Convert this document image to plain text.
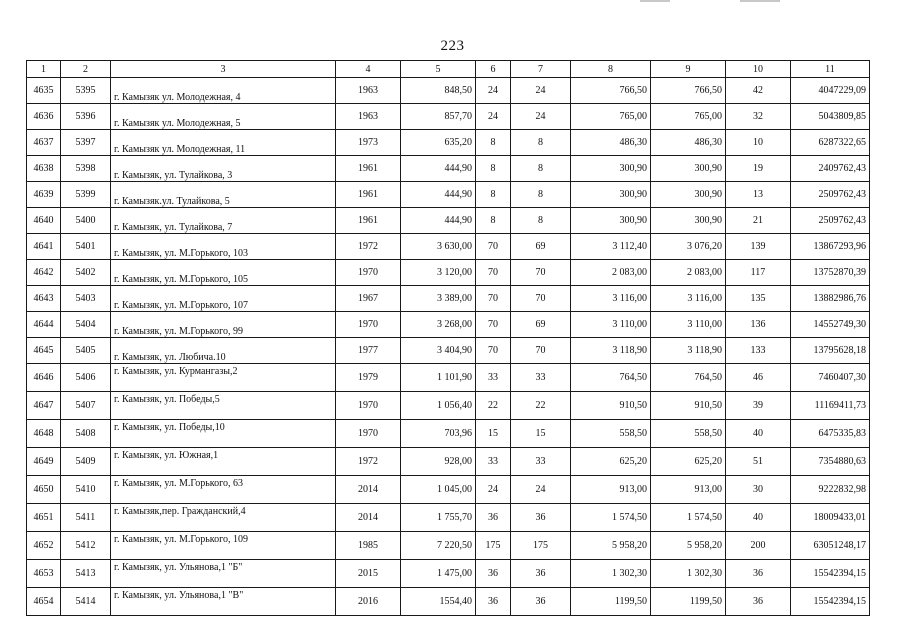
223
1	2	3	4	5	6	7	8	9	10	11
4635	5395	г. Камызяк ул. Молодежная, 4	1963	848,50	24	24	766,50	766,50	42	4047229,09
4636	5396	г. Камызяк ул. Молодежная, 5	1963	857,70	24	24	765,00	765,00	32	5043809,85
4637	5397	г. Камызяк ул. Молодежная, 11	1973	635,20	8	8	486,30	486,30	10	6287322,65
4638	5398	г. Камызяк, ул. Тулайкова, 3	1961	444,90	8	8	300,90	300,90	19	2409762,43
4639	5399	г. Камызяк.ул. Тулайкова, 5	1961	444,90	8	8	300,90	300,90	13	2509762,43
4640	5400	г. Камызяк, ул. Тулайкова, 7	1961	444,90	8	8	300,90	300,90	21	2509762,43
4641	5401	г. Камызяк, ул. М.Горького, 103	1972	3 630,00	70	69	3 112,40	3 076,20	139	13867293,96
4642	5402	г. Камызяк, ул. М.Горького, 105	1970	3 120,00	70	70	2 083,00	2 083,00	117	13752870,39
4643	5403	г. Камызяк, ул. М.Горького, 107	1967	3 389,00	70	70	3 116,00	3 116,00	135	13882986,76
4644	5404	г. Камызяк, ул. М.Горького, 99	1970	3 268,00	70	69	3 110,00	3 110,00	136	14552749,30
4645	5405	г. Камызяк, ул. Любича.10	1977	3 404,90	70	70	3 118,90	3 118,90	133	13795628,18
4646	5406	г. Камызяк, ул. Курмангазы,2	1979	1 101,90	33	33	764,50	764,50	46	7460407,30
4647	5407	г. Камызяк, ул. Победы,5	1970	1 056,40	22	22	910,50	910,50	39	11169411,73
4648	5408	г. Камызяк, ул. Победы,10	1970	703,96	15	15	558,50	558,50	40	6475335,83
4649	5409	г. Камызяк, ул. Южная,1	1972	928,00	33	33	625,20	625,20	51	7354880,63
4650	5410	г. Камызяк, ул. М.Горького, 63	2014	1 045,00	24	24	913,00	913,00	30	9222832,98
4651	5411	г. Камызяк,пер. Гражданский,4	2014	1 755,70	36	36	1 574,50	1 574,50	40	18009433,01
4652	5412	г. Камызяк, ул. М.Горького, 109	1985	7 220,50	175	175	5 958,20	5 958,20	200	63051248,17
4653	5413	г. Камызяк, ул. Ульянова,1 "Б"	2015	1 475,00	36	36	1 302,30	1 302,30	36	15542394,15
4654	5414	г. Камызяк, ул. Ульянова,1 "В"	2016	1554,40	36	36	1199,50	1199,50	36	15542394,15
